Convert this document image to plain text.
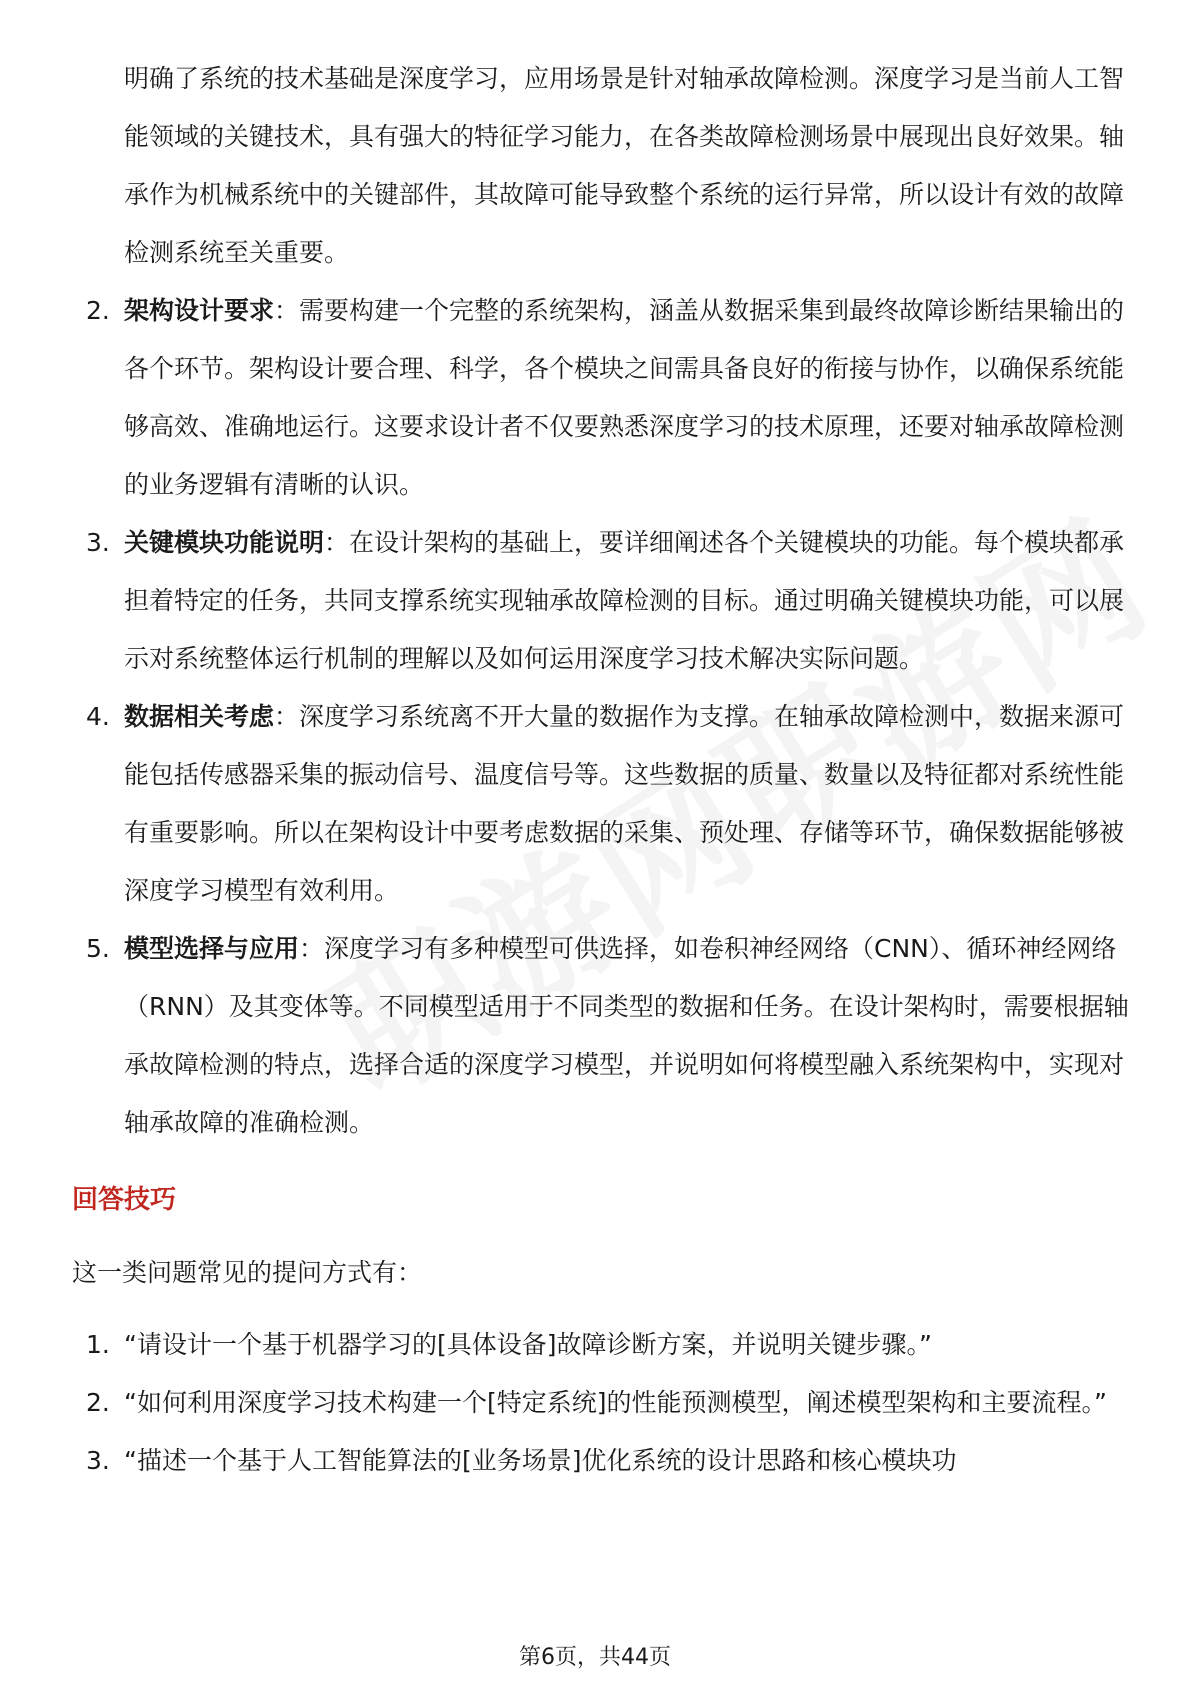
明确了系统的技术基础是深度学习，应用场景是针对轴承故障检测。深度学习是当前人工智能领域的关键技术，具有强大的特征学习能力，在各类故障检测场景中展现出良好效果。轴承作为机械系统中的关键部件，其故障可能导致整个系统的运行异常，所以设计有效的故障检测系统至关重要。

2. 架构设计要求：需要构建一个完整的系统架构，涵盖从数据采集到最终故障诊断结果输出的各个环节。架构设计要合理、科学，各个模块之间需具备良好的衔接与协作，以确保系统能够高效、准确地运行。这要求设计者不仅要熟悉深度学习的技术原理，还要对轴承故障检测的业务逻辑有清晰的认识。
3. 关键模块功能说明：在设计架构的基础上，要详细阐述各个关键模块的功能。每个模块都承担着特定的任务，共同支撑系统实现轴承故障检测的目标。通过明确关键模块功能，可以展示对系统整体运行机制的理解以及如何运用深度学习技术解决实际问题。
4. 数据相关考虑：深度学习系统离不开大量的数据作为支撑。在轴承故障检测中，数据来源可能包括传感器采集的振动信号、温度信号等。这些数据的质量、数量以及特征都对系统性能有重要影响。所以在架构设计中要考虑数据的采集、预处理、存储等环节，确保数据能够被深度学习模型有效利用。
5. 模型选择与应用：深度学习有多种模型可供选择，如卷积神经网络（CNN）、循环神经网络（RNN）及其变体等。不同模型适用于不同类型的数据和任务。在设计架构时，需要根据轴承故障检测的特点，选择合适的深度学习模型，并说明如何将模型融入系统架构中，实现对轴承故障的准确检测。
回答技巧

这一类问题常见的提问方式有：

1. “请设计一个基于机器学习的[具体设备]故障诊断方案，并说明关键步骤。”
2. “如何利用深度学习技术构建一个[特定系统]的性能预测模型，阐述模型架构和主要流程。”
3. “描述一个基于人工智能算法的[业务场景]优化系统的设计思路和核心模块功
第6页，共44页
